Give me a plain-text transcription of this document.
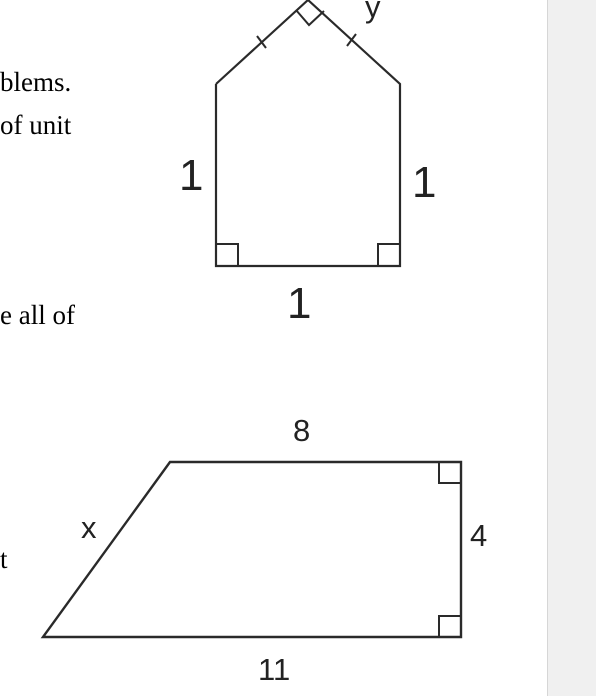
blems.
of unit
e all of
t
y
1	1
1
8
x	4
11
